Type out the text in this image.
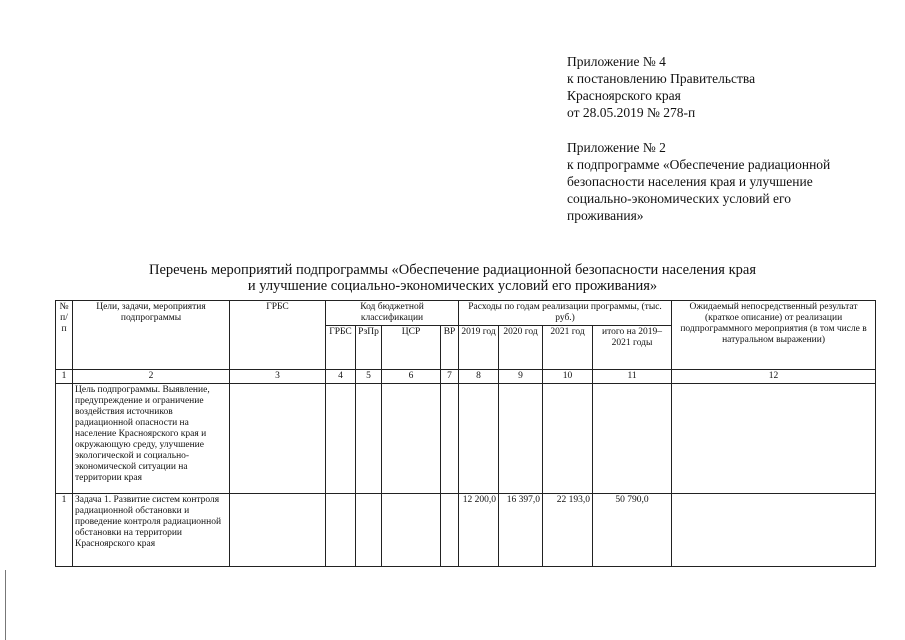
Приложение № 4
к постановлению Правительства
Красноярского края
от 28.05.2019 № 278-п
Приложение № 2
к подпрограмме «Обеспечение радиационной
безопасности населения края и улучшение
социально-экономических условий его
проживания»
Перечень мероприятий подпрограммы «Обеспечение радиационной безопасности населения края
и улучшение социально-экономических условий его проживания»
№ п/п	Цели, задачи, мероприятия подпрограммы	ГРБС	Код бюджетной классификации				Расходы по годам реализации программы, (тыс. руб.)				Ожидаемый непосредственный результат (краткое описание) от реализации подпрограммного мероприятия (в том числе в натуральном выражении)
			ГРБС	РзПр	ЦСР	ВР	2019 год	2020 год	2021 год	итого на 2019–2021 годы	
1	2	3	4	5	6	7	8	9	10	11	12
	Цель подпрограммы. Выявление, предупреждение и ограничение воздействия источников радиационной опасности на население Красноярского края и окружающую среду, улучшение экологической и социально-экономической ситуации на территории края										
1	Задача 1. Развитие систем контроля радиационной обстановки и проведение контроля радиационной обстановки на территории Красноярского края						12 200,0	16 397,0	22 193,0	50 790,0	
